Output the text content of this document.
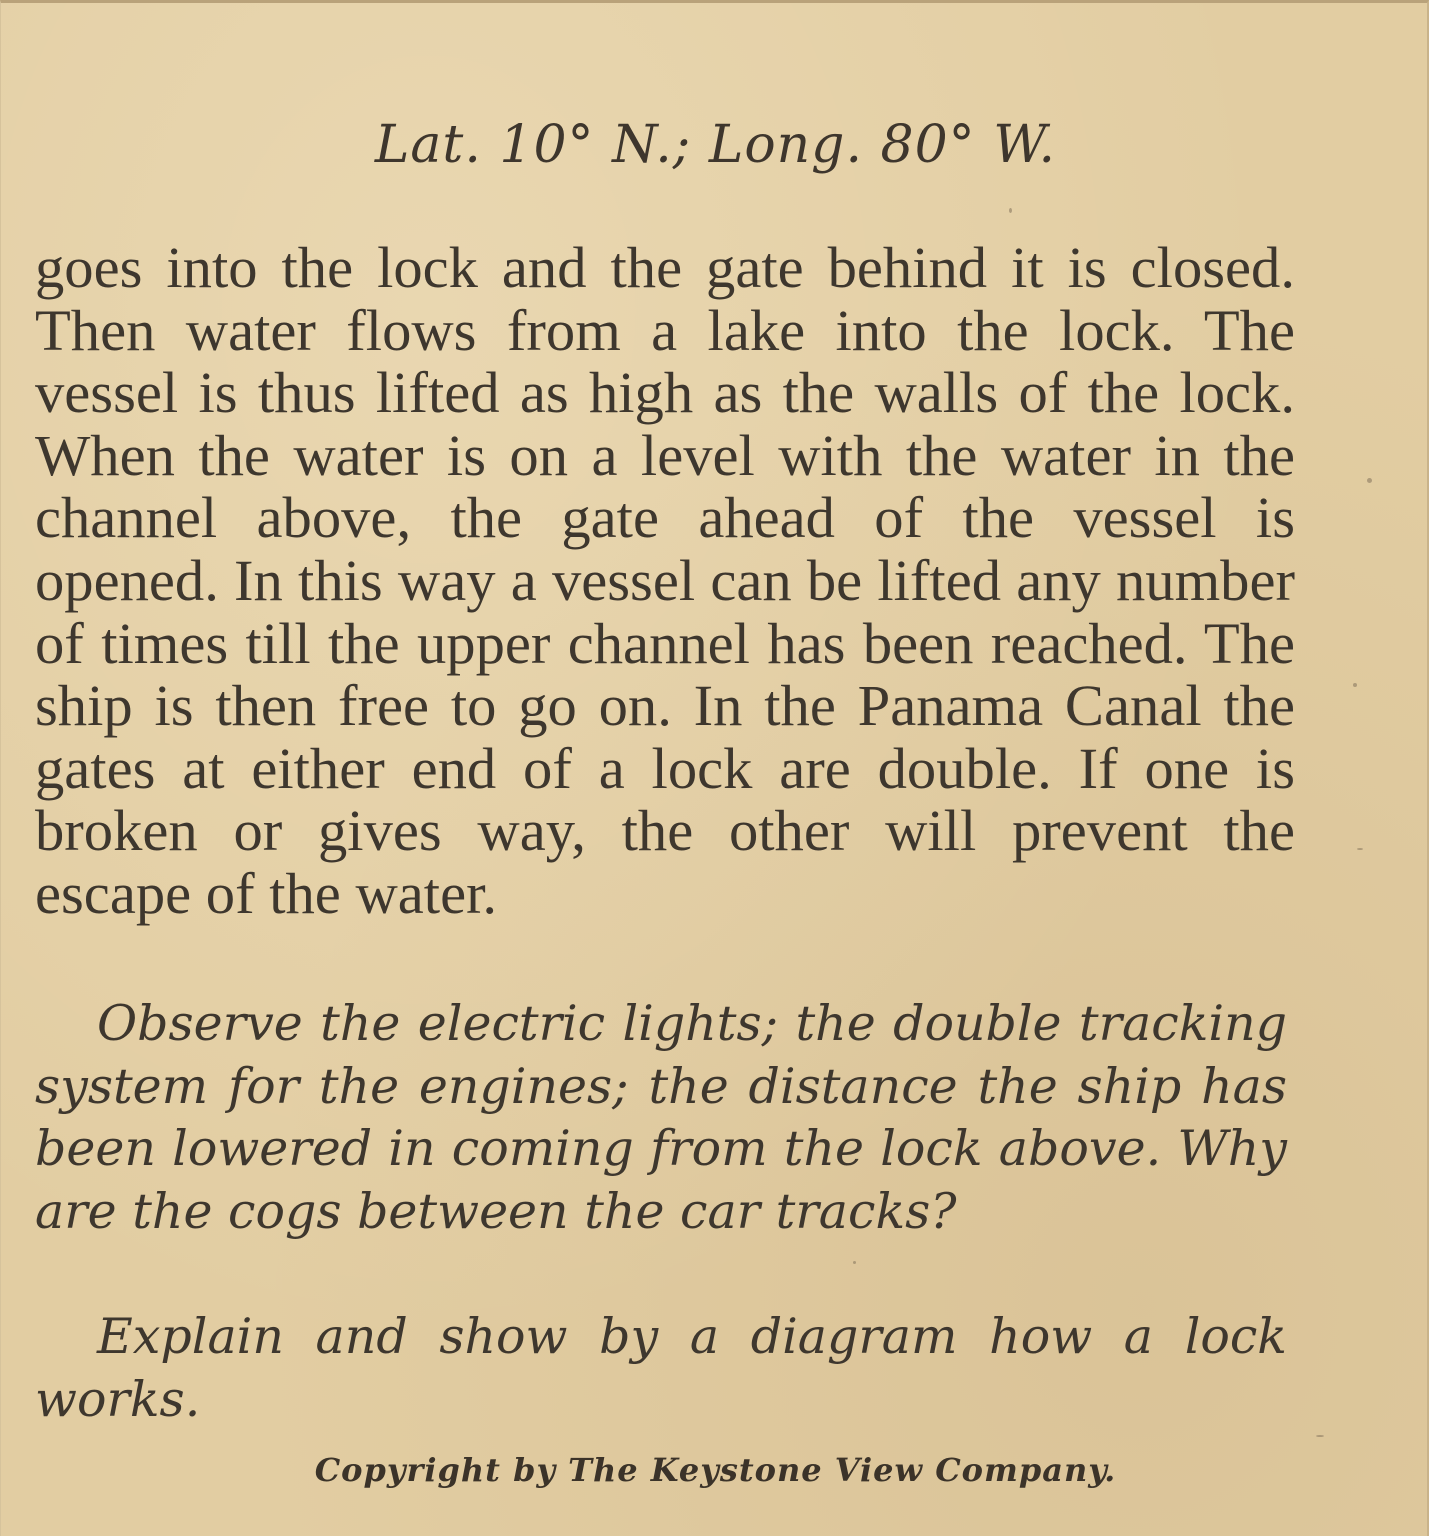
Lat. 10° N.; Long. 80° W.

goes into the lock and the gate behind it is closed. Then water flows from a lake into the lock. The vessel is thus lifted as high as the walls of the lock. When the water is on a level with the water in the channel above, the gate ahead of the vessel is opened. In this way a vessel can be lifted any number of times till the upper channel has been reached. The ship is then free to go on. In the Panama Canal the gates at either end of a lock are double. If one is broken or gives way, the other will prevent the escape of the water.

Observe the electric lights; the double tracking system for the engines; the distance the ship has been lowered in coming from the lock above. Why are the cogs between the car tracks?

Explain and show by a diagram how a lock works.

Copyright by The Keystone View Company.
